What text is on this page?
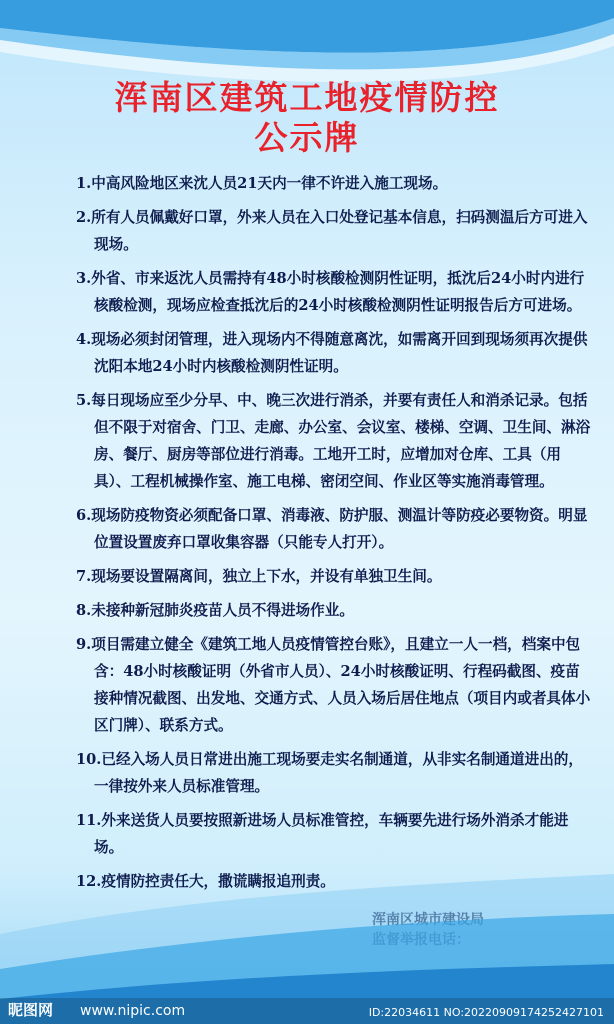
浑南区建筑工地疫情防控
公示牌
1.中高风险地区来沈人员21天内一律不许进入施工现场。
2.所有人员佩戴好口罩，外来人员在入口处登记基本信息，扫码测温后方可进入现场。
3.外省、市来返沈人员需持有48小时核酸检测阴性证明，抵沈后24小时内进行核酸检测，现场应检查抵沈后的24小时核酸检测阴性证明报告后方可进场。
4.现场必须封闭管理，进入现场内不得随意离沈，如需离开回到现场须再次提供沈阳本地24小时内核酸检测阴性证明。
5.每日现场应至少分早、中、晚三次进行消杀，并要有责任人和消杀记录。包括但不限于对宿舍、门卫、走廊、办公室、会议室、楼梯、空调、卫生间、淋浴房、餐厅、厨房等部位进行消毒。工地开工时，应增加对仓库、工具（用具）、工程机械操作室、施工电梯、密闭空间、作业区等实施消毒管理。
6.现场防疫物资必须配备口罩、消毒液、防护服、测温计等防疫必要物资。明显位置设置废弃口罩收集容器（只能专人打开）。
7.现场要设置隔离间，独立上下水，并设有单独卫生间。
8.未接种新冠肺炎疫苗人员不得进场作业。
9.项目需建立健全《建筑工地人员疫情管控台账》，且建立一人一档，档案中包含：48小时核酸证明（外省市人员）、24小时核酸证明、行程码截图、疫苗接种情况截图、出发地、交通方式、人员入场后居住地点（项目内或者具体小区门牌）、联系方式。
10.已经入场人员日常进出施工现场要走实名制通道，从非实名制通道进出的，一律按外来人员标准管理。
11.外来送货人员要按照新进场人员标准管控，车辆要先进行场外消杀才能进场。
12.疫情防控责任大，撒谎瞒报追刑责。
昵图网 www.nipic.com	ID:22034611 NO:20220909174252427101
